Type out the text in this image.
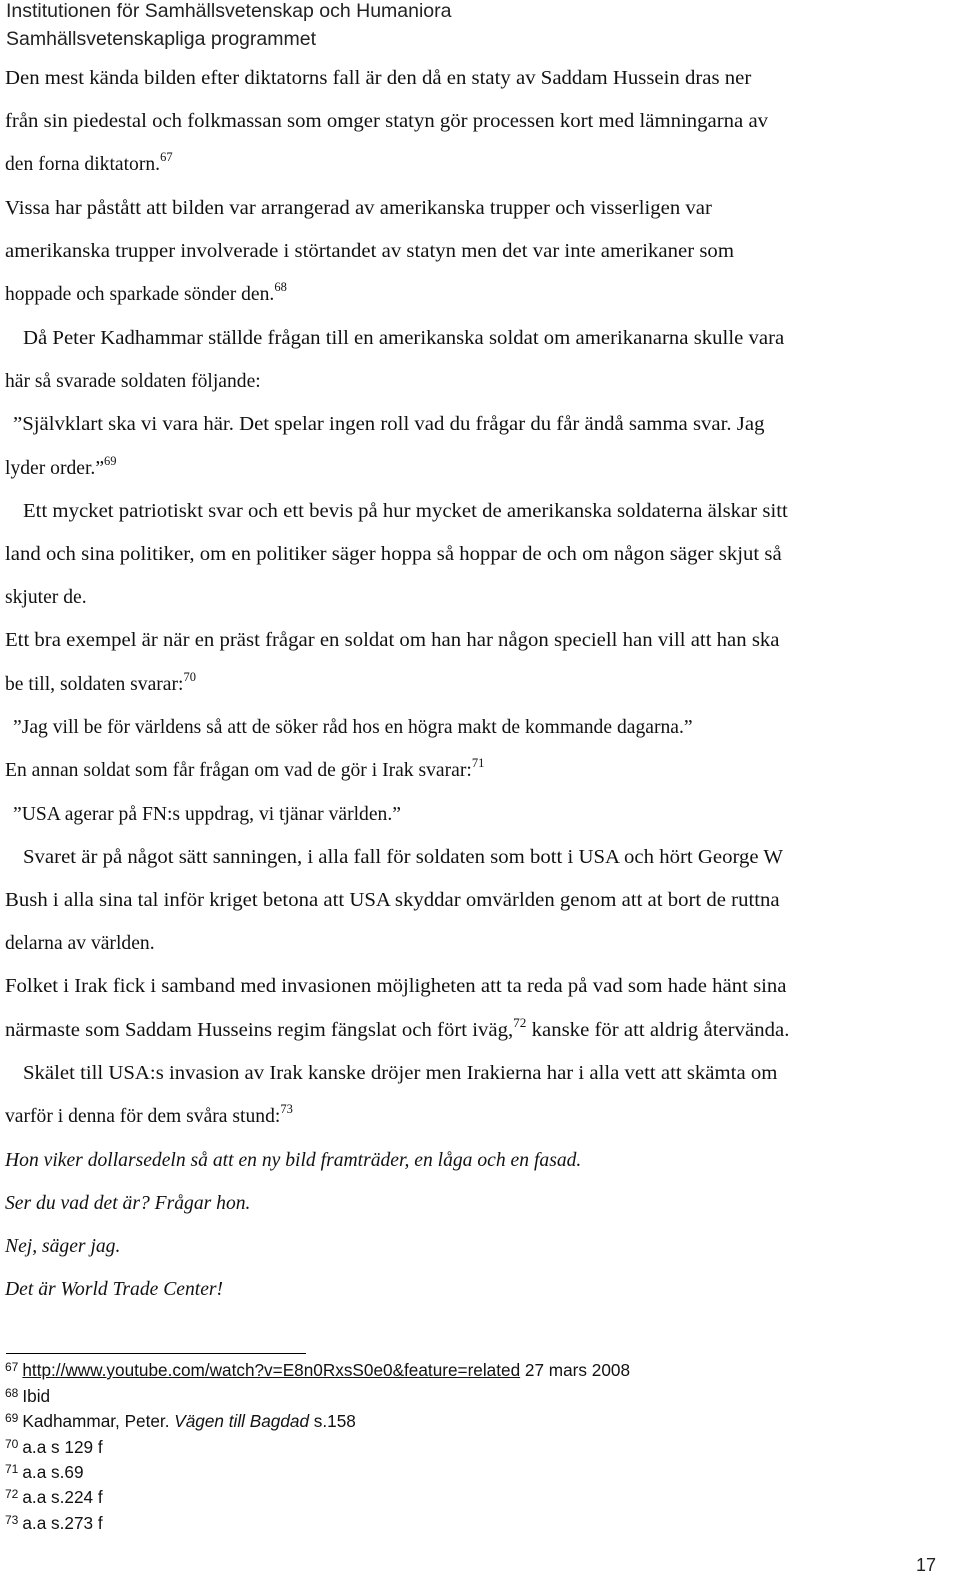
Institutionen för Samhällsvetenskap och Humaniora
Samhällsvetenskapliga programmet
Den mest kända bilden efter diktatorns fall är den då en staty av Saddam Hussein dras ner
från sin piedestal och folkmassan som omger statyn gör processen kort med lämningarna av
den forna diktatorn.$^{67}$
Vissa har påstått att bilden var arrangerad av amerikanska trupper och visserligen var
amerikanska trupper involverade i störtandet av statyn men det var inte amerikaner som
hoppade och sparkade sönder den.$^{68}$
Då Peter Kadhammar ställde frågan till en amerikanska soldat om amerikanarna skulle vara
här så svarade soldaten följande:
”Självklart ska vi vara här. Det spelar ingen roll vad du frågar du får ändå samma svar. Jag
lyder order.”$^{69}$
Ett mycket patriotiskt svar och ett bevis på hur mycket de amerikanska soldaterna älskar sitt
land och sina politiker, om en politiker säger hoppa så hoppar de och om någon säger skjut så
skjuter de.
Ett bra exempel är när en präst frågar en soldat om han har någon speciell han vill att han ska
be till, soldaten svarar:$^{70}$
”Jag vill be för världens så att de söker råd hos en högra makt de kommande dagarna.”
En annan soldat som får frågan om vad de gör i Irak svarar:$^{71}$
”USA agerar på FN:s uppdrag, vi tjänar världen.”
Svaret är på något sätt sanningen, i alla fall för soldaten som bott i USA och hört George W
Bush i alla sina tal inför kriget betona att USA skyddar omvärlden genom att at bort de ruttna
delarna av världen.
Folket i Irak fick i samband med invasionen möjligheten att ta reda på vad som hade hänt sina
närmaste som Saddam Husseins regim fängslat och fört iväg,$^{72}$ kanske för att aldrig återvända.
Skälet till USA:s invasion av Irak kanske dröjer men Irakierna har i alla vett att skämta om
varför i denna för dem svåra stund:$^{73}$
Hon viker dollarsedeln så att en ny bild framträder, en låga och en fasad.
Ser du vad det är? Frågar hon.
Nej, säger jag.
Det är World Trade Center!
$^{67}$ http://www.youtube.com/watch?v=E8n0RxsS0e0&feature=related 27 mars 2008
$^{68}$ Ibid
$^{69}$ Kadhammar, Peter. Vägen till Bagdad s.158
$^{70}$ a.a s 129 f
$^{71}$ a.a s.69
$^{72}$ a.a s.224 f
$^{73}$ a.a s.273 f
17
